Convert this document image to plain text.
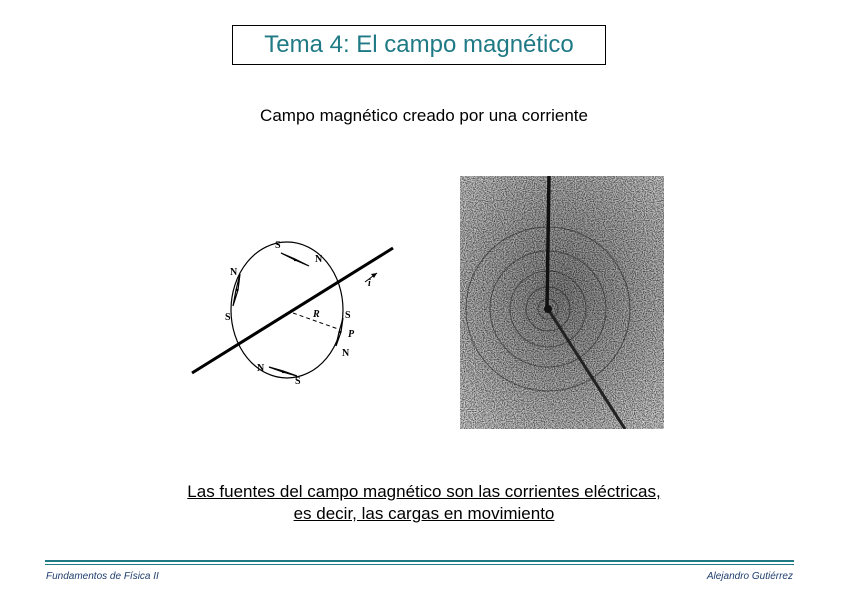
Tema 4: El campo magnético
Campo magnético creado por una corriente
S
N
N
S	S
P
N
N
S
R
i
Las fuentes del campo magnético son las corrientes eléctricas,
es decir, las cargas en movimiento
Fundamentos de Física II	Alejandro Gutiérrez
